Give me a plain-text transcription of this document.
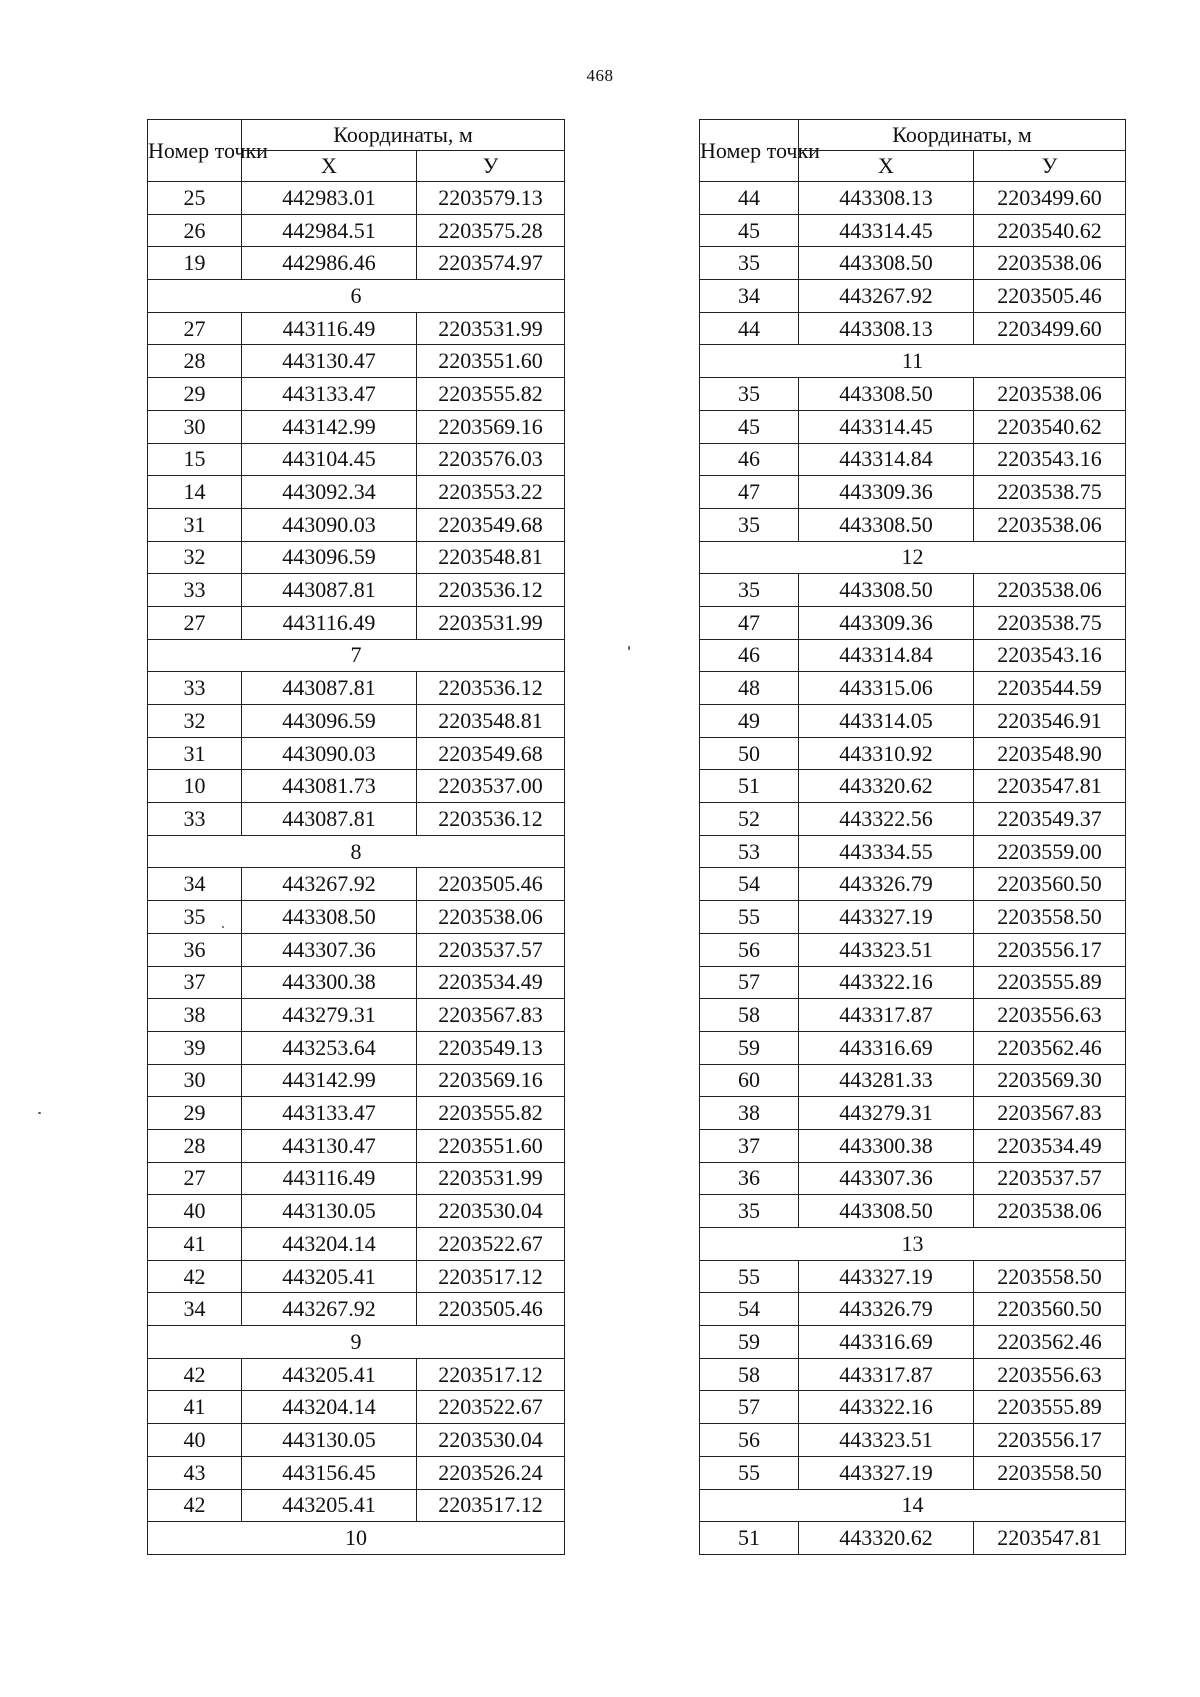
468
Номер точки	Координаты, м	
	Х	У
25	442983.01	2203579.13
26	442984.51	2203575.28
19	442986.46	2203574.97
6		
27	443116.49	2203531.99
28	443130.47	2203551.60
29	443133.47	2203555.82
30	443142.99	2203569.16
15	443104.45	2203576.03
14	443092.34	2203553.22
31	443090.03	2203549.68
32	443096.59	2203548.81
33	443087.81	2203536.12
27	443116.49	2203531.99
7		
33	443087.81	2203536.12
32	443096.59	2203548.81
31	443090.03	2203549.68
10	443081.73	2203537.00
33	443087.81	2203536.12
8		
34	443267.92	2203505.46
35	443308.50	2203538.06
36	443307.36	2203537.57
37	443300.38	2203534.49
38	443279.31	2203567.83
39	443253.64	2203549.13
30	443142.99	2203569.16
29	443133.47	2203555.82
28	443130.47	2203551.60
27	443116.49	2203531.99
40	443130.05	2203530.04
41	443204.14	2203522.67
42	443205.41	2203517.12
34	443267.92	2203505.46
9		
42	443205.41	2203517.12
41	443204.14	2203522.67
40	443130.05	2203530.04
43	443156.45	2203526.24
42	443205.41	2203517.12
10		
Номер точки	Координаты, м	
	Х	У
44	443308.13	2203499.60
45	443314.45	2203540.62
35	443308.50	2203538.06
34	443267.92	2203505.46
44	443308.13	2203499.60
11		
35	443308.50	2203538.06
45	443314.45	2203540.62
46	443314.84	2203543.16
47	443309.36	2203538.75
35	443308.50	2203538.06
12		
35	443308.50	2203538.06
47	443309.36	2203538.75
46	443314.84	2203543.16
48	443315.06	2203544.59
49	443314.05	2203546.91
50	443310.92	2203548.90
51	443320.62	2203547.81
52	443322.56	2203549.37
53	443334.55	2203559.00
54	443326.79	2203560.50
55	443327.19	2203558.50
56	443323.51	2203556.17
57	443322.16	2203555.89
58	443317.87	2203556.63
59	443316.69	2203562.46
60	443281.33	2203569.30
38	443279.31	2203567.83
37	443300.38	2203534.49
36	443307.36	2203537.57
35	443308.50	2203538.06
13		
55	443327.19	2203558.50
54	443326.79	2203560.50
59	443316.69	2203562.46
58	443317.87	2203556.63
57	443322.16	2203555.89
56	443323.51	2203556.17
55	443327.19	2203558.50
14		
51	443320.62	2203547.81
